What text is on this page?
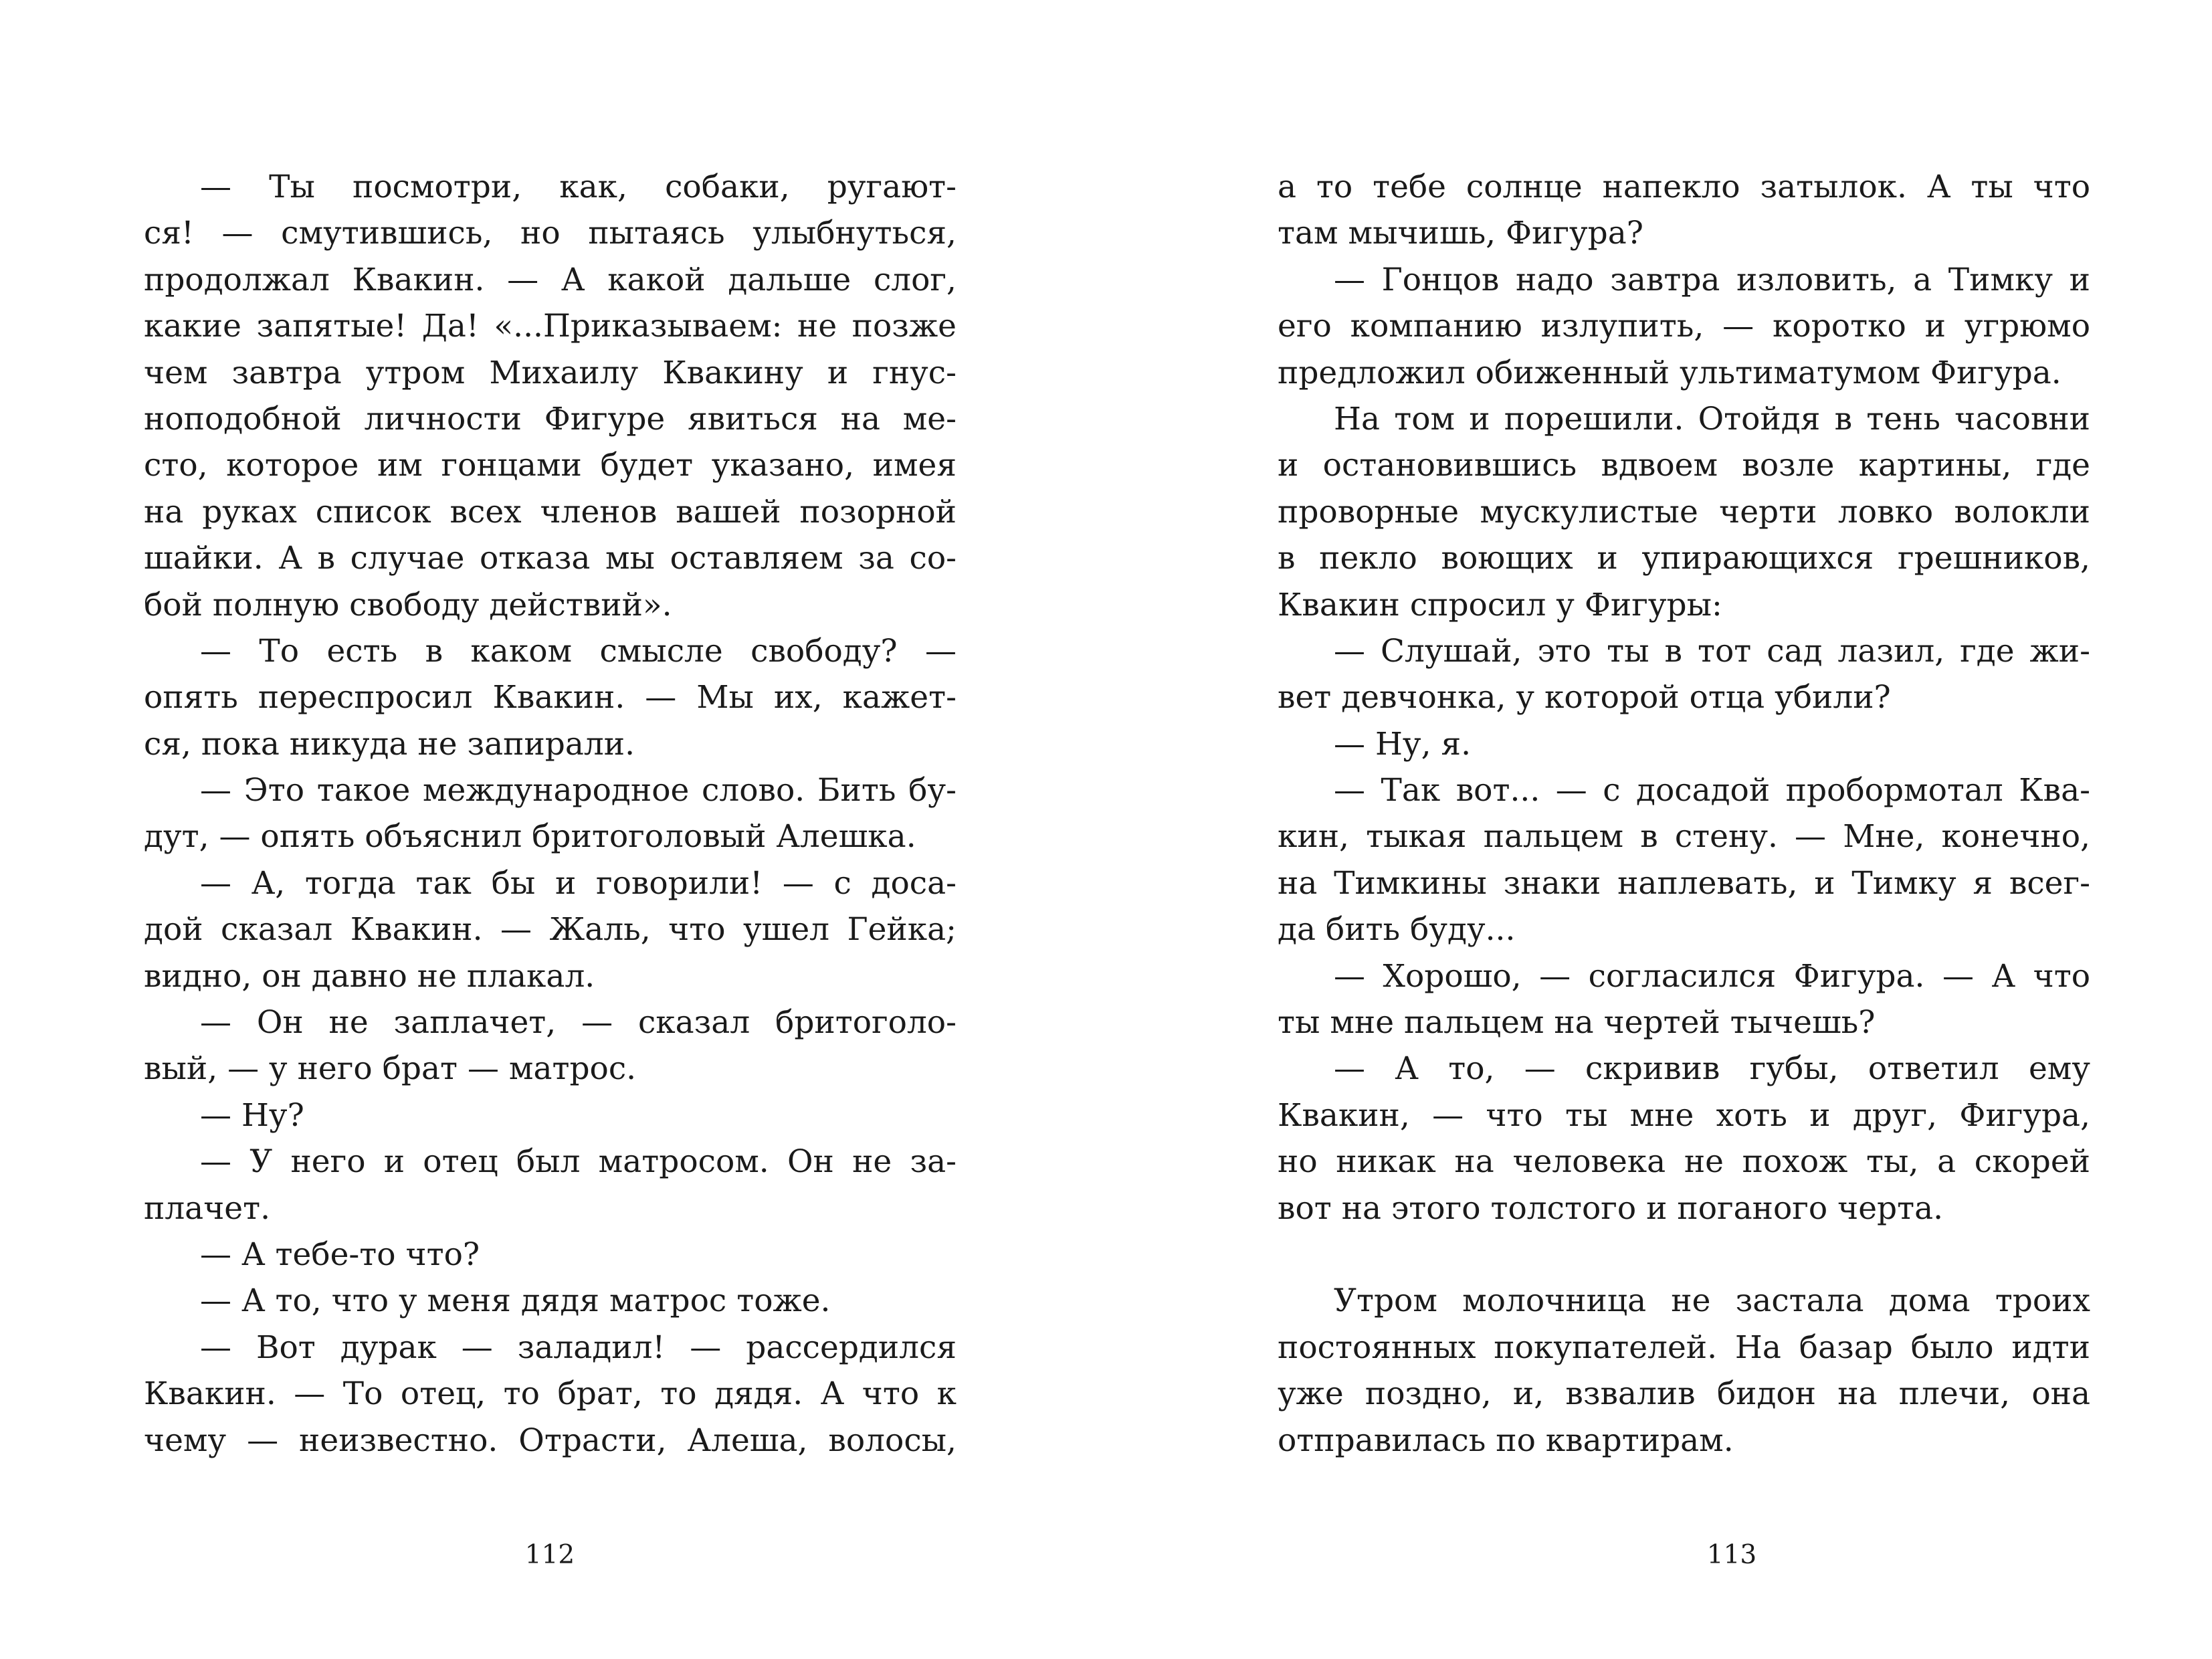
— Ты посмотри, как, собаки, ругают-
ся! — смутившись, но пытаясь улыбнуться,
продолжал Квакин. — А какой дальше слог,
какие запятые! Да! «...Приказываем: не позже
чем завтра утром Михаилу Квакину и гнус-
ноподобной личности Фигуре явиться на ме-
сто, которое им гонцами будет указано, имея
на руках список всех членов вашей позорной
шайки. А в случае отказа мы оставляем за со-
бой полную свободу действий».
— То есть в каком смысле свободу? —
опять переспросил Квакин. — Мы их, кажет-
ся, пока никуда не запирали.
— Это такое международное слово. Бить бу-
дут, — опять объяснил бритоголовый Алешка.
— А, тогда так бы и говорили! — с доса-
дой сказал Квакин. — Жаль, что ушел Гейка;
видно, он давно не плакал.
— Он не заплачет, — сказал бритоголо-
вый, — у него брат — матрос.
— Ну?
— У него и отец был матросом. Он не за-
плачет.
— А тебе-то что?
— А то, что у меня дядя матрос тоже.
— Вот дурак — заладил! — рассердился
Квакин. — То отец, то брат, то дядя. А что к
чему — неизвестно. Отрасти, Алеша, волосы,
112
а то тебе солнце напекло затылок. А ты что
там мычишь, Фигура?
— Гонцов надо завтра изловить, а Тимку и
его компанию излупить, — коротко и угрюмо
предложил обиженный ультиматумом Фигура.
На том и порешили. Отойдя в тень часовни
и остановившись вдвоем возле картины, где
проворные мускулистые черти ловко волокли
в пекло воющих и упирающихся грешников,
Квакин спросил у Фигуры:
— Слушай, это ты в тот сад лазил, где жи-
вет девчонка, у которой отца убили?
— Ну, я.
— Так вот... — с досадой пробормотал Ква-
кин, тыкая пальцем в стену. — Мне, конечно,
на Тимкины знаки наплевать, и Тимку я всег-
да бить буду...
— Хорошо, — согласился Фигура. — А что
ты мне пальцем на чертей тычешь?
— А то, — скривив губы, ответил ему
Квакин, — что ты мне хоть и друг, Фигура,
но никак на человека не похож ты, а скорей
вот на этого толстого и поганого черта.
Утром молочница не застала дома троих
постоянных покупателей. На базар было идти
уже поздно, и, взвалив бидон на плечи, она
отправилась по квартирам.
113
